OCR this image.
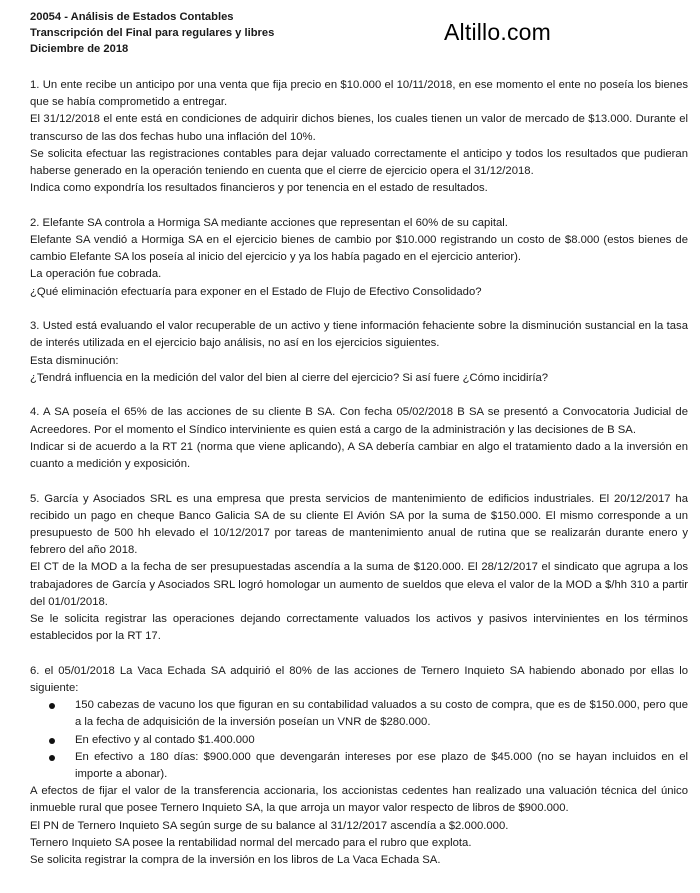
20054 - Análisis de Estados Contables
Transcripción del Final para regulares y libres
Diciembre de 2018
Altillo.com

1. Un ente recibe un anticipo por una venta que fija precio en $10.000 el 10/11/2018, en ese momento el ente no poseía los bienes que se había comprometido a entregar.

El 31/12/2018 el ente está en condiciones de adquirir dichos bienes, los cuales tienen un valor de mercado de $13.000. Durante el transcurso de las dos fechas hubo una inflación del 10%.

Se solicita efectuar las registraciones contables para dejar valuado correctamente el anticipo y todos los resultados que pudieran haberse generado en la operación teniendo en cuenta que el cierre de ejercicio opera el 31/12/2018.

Indica como expondría los resultados financieros y por tenencia en el estado de resultados.

2. Elefante SA controla a Hormiga SA mediante acciones que representan el 60% de su capital.

Elefante SA vendió a Hormiga SA en el ejercicio bienes de cambio por $10.000 registrando un costo de $8.000 (estos bienes de cambio Elefante SA los poseía al inicio del ejercicio y ya los había pagado en el ejercicio anterior).

La operación fue cobrada.

¿Qué eliminación efectuaría para exponer en el Estado de Flujo de Efectivo Consolidado?

3. Usted está evaluando el valor recuperable de un activo y tiene información fehaciente sobre la disminución sustancial en la tasa de interés utilizada en el ejercicio bajo análisis, no así en los ejercicios siguientes.

Esta disminución:

¿Tendrá influencia en la medición del valor del bien al cierre del ejercicio? Si así fuere ¿Cómo incidiría?

4. A SA poseía el 65% de las acciones de su cliente B SA. Con fecha 05/02/2018 B SA se presentó a Convocatoria Judicial de Acreedores. Por el momento el Síndico interviniente es quien está a cargo de la administración y las decisiones de B SA.

Indicar si de acuerdo a la RT 21 (norma que viene aplicando), A SA debería cambiar en algo el tratamiento dado a la inversión en cuanto a medición y exposición.

5. García y Asociados SRL es una empresa que presta servicios de mantenimiento de edificios industriales. El 20/12/2017 ha recibido un pago en cheque Banco Galicia SA de su cliente El Avión SA por la suma de $150.000. El mismo corresponde a un presupuesto de 500 hh elevado el 10/12/2017 por tareas de mantenimiento anual de rutina que se realizarán durante enero y febrero del año 2018.

El CT de la MOD a la fecha de ser presupuestadas ascendía a la suma de $120.000. El 28/12/2017 el sindicato que agrupa a los trabajadores de García y Asociados SRL logró homologar un aumento de sueldos que eleva el valor de la MOD a $/hh 310 a partir del 01/01/2018.

Se le solicita registrar las operaciones dejando correctamente valuados los activos y pasivos intervinientes en los términos establecidos por la RT 17.

6. el 05/01/2018 La Vaca Echada SA adquirió el 80% de las acciones de Ternero Inquieto SA habiendo abonado por ellas lo siguiente:

150 cabezas de vacuno los que figuran en su contabilidad valuados a su costo de compra, que es de $150.000, pero que a la fecha de adquisición de la inversión poseían un VNR de $280.000.
En efectivo y al contado $1.400.000
En efectivo a 180 días: $900.000 que devengarán intereses por ese plazo de $45.000 (no se hayan incluidos en el importe a abonar).

A efectos de fijar el valor de la transferencia accionaria, los accionistas cedentes han realizado una valuación técnica del único inmueble rural que posee Ternero Inquieto SA, la que arroja un mayor valor respecto de libros de $900.000.

El PN de Ternero Inquieto SA según surge de su balance al 31/12/2017 ascendía a $2.000.000.

Ternero Inquieto SA posee la rentabilidad normal del mercado para el rubro que explota.

Se solicita registrar la compra de la inversión en los libros de La Vaca Echada SA.
